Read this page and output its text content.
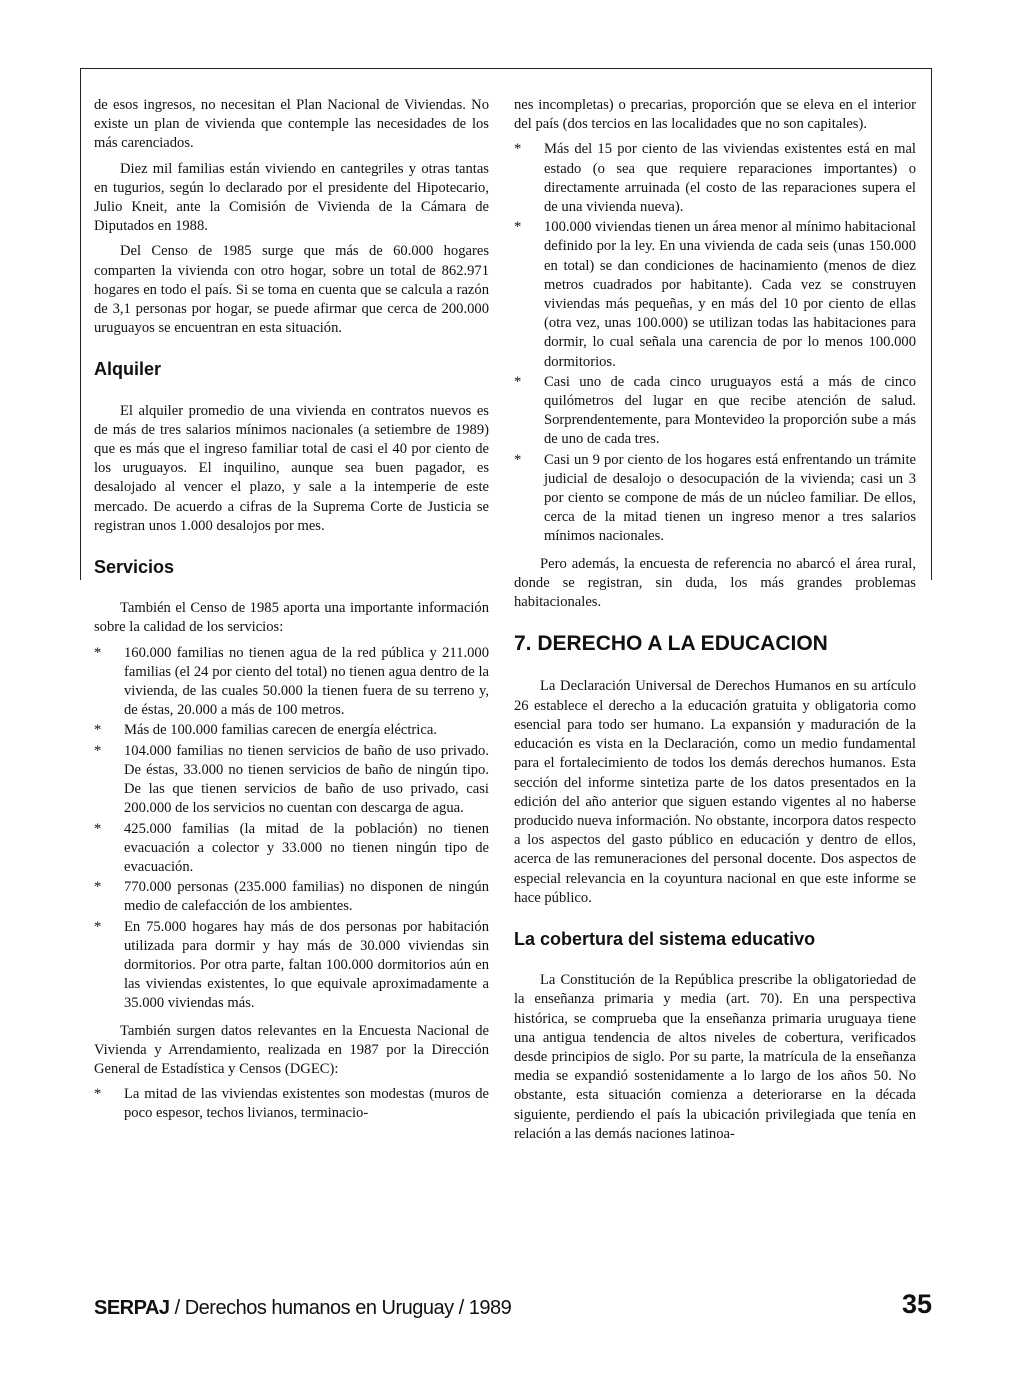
de esos ingresos, no necesitan el Plan Nacional de Viviendas. No existe un plan de vivienda que contemple las necesidades de los más carenciados.

Diez mil familias están viviendo en cantegriles y otras tantas en tugurios, según lo declarado por el presidente del Hipotecario, Julio Kneit, ante la Comisión de Vivienda de la Cámara de Diputados en 1988.

Del Censo de 1985 surge que más de 60.000 hogares comparten la vivienda con otro hogar, sobre un total de 862.971 hogares en todo el país. Si se toma en cuenta que se calcula a razón de 3,1 personas por hogar, se puede afirmar que cerca de 200.000 uruguayos se encuentran en esta situación.

Alquiler

El alquiler promedio de una vivienda en contratos nuevos es de más de tres salarios mínimos nacionales (a setiembre de 1989) que es más que el ingreso familiar total de casi el 40 por ciento de los uruguayos. El inquilino, aunque sea buen pagador, es desalojado al vencer el plazo, y sale a la intemperie de este mercado. De acuerdo a cifras de la Suprema Corte de Justicia se registran unos 1.000 desalojos por mes.

Servicios

También el Censo de 1985 aporta una importante información sobre la calidad de los servicios:

* 160.000 familias no tienen agua de la red pública y 211.000 familias (el 24 por ciento del total) no tienen agua dentro de la vivienda, de las cuales 50.000 la tienen fuera de su terreno y, de éstas, 20.000 a más de 100 metros.
* Más de 100.000 familias carecen de energía eléctrica.
* 104.000 familias no tienen servicios de baño de uso privado. De éstas, 33.000 no tienen servicios de baño de ningún tipo. De las que tienen servicios de baño de uso privado, casi 200.000 de los servicios no cuentan con descarga de agua.
* 425.000 familias (la mitad de la población) no tienen evacuación a colector y 33.000 no tienen ningún tipo de evacuación.
* 770.000 personas (235.000 familias) no disponen de ningún medio de calefacción de los ambientes.
* En 75.000 hogares hay más de dos personas por habitación utilizada para dormir y hay más de 30.000 viviendas sin dormitorios. Por otra parte, faltan 100.000 dormitorios aún en las viviendas existentes, lo que equivale aproximadamente a 35.000 viviendas más.

También surgen datos relevantes en la Encuesta Nacional de Vivienda y Arrendamiento, realizada en 1987 por la Dirección General de Estadística y Censos (DGEC):

* La mitad de las viviendas existentes son modestas (muros de poco espesor, techos livianos, terminacio-

nes incompletas) o precarias, proporción que se eleva en el interior del país (dos tercios en las localidades que no son capitales).

* Más del 15 por ciento de las viviendas existentes está en mal estado (o sea que requiere reparaciones importantes) o directamente arruinada (el costo de las reparaciones supera el de una vivienda nueva).
* 100.000 viviendas tienen un área menor al mínimo habitacional definido por la ley. En una vivienda de cada seis (unas 150.000 en total) se dan condiciones de hacinamiento (menos de diez metros cuadrados por habitante). Cada vez se construyen viviendas más pequeñas, y en más del 10 por ciento de ellas (otra vez, unas 100.000) se utilizan todas las habitaciones para dormir, lo cual señala una carencia de por lo menos 100.000 dormitorios.
* Casi uno de cada cinco uruguayos está a más de cinco quilómetros del lugar en que recibe atención de salud. Sorprendentemente, para Montevideo la proporción sube a más de uno de cada tres.
* Casi un 9 por ciento de los hogares está enfrentando un trámite judicial de desalojo o desocupación de la vivienda; casi un 3 por ciento se compone de más de un núcleo familiar. De ellos, cerca de la mitad tienen un ingreso menor a tres salarios mínimos nacionales.

Pero además, la encuesta de referencia no abarcó el área rural, donde se registran, sin duda, los más grandes problemas habitacionales.

7. DERECHO A LA EDUCACION

La Declaración Universal de Derechos Humanos en su artículo 26 establece el derecho a la educación gratuita y obligatoria como esencial para todo ser humano. La expansión y maduración de la educación es vista en la Declaración, como un medio fundamental para el fortalecimiento de todos los demás derechos humanos. Esta sección del informe sintetiza parte de los datos presentados en la edición del año anterior que siguen estando vigentes al no haberse producido nueva información. No obstante, incorpora datos respecto a los aspectos del gasto público en educación y dentro de ellos, acerca de las remuneraciones del personal docente. Dos aspectos de especial relevancia en la coyuntura nacional en que este informe se hace público.

La cobertura del sistema educativo

La Constitución de la República prescribe la obligatoriedad de la enseñanza primaria y media (art. 70). En una perspectiva histórica, se comprueba que la enseñanza primaria uruguaya tiene una antigua tendencia de altos niveles de cobertura, verificados desde principios de siglo. Por su parte, la matrícula de la enseñanza media se expandió sostenidamente a lo largo de los años 50. No obstante, esta situación comienza a deteriorarse en la década siguiente, perdiendo el país la ubicación privilegiada que tenía en relación a las demás naciones latinoa-

SERPAJ / Derechos humanos en Uruguay / 1989	35
